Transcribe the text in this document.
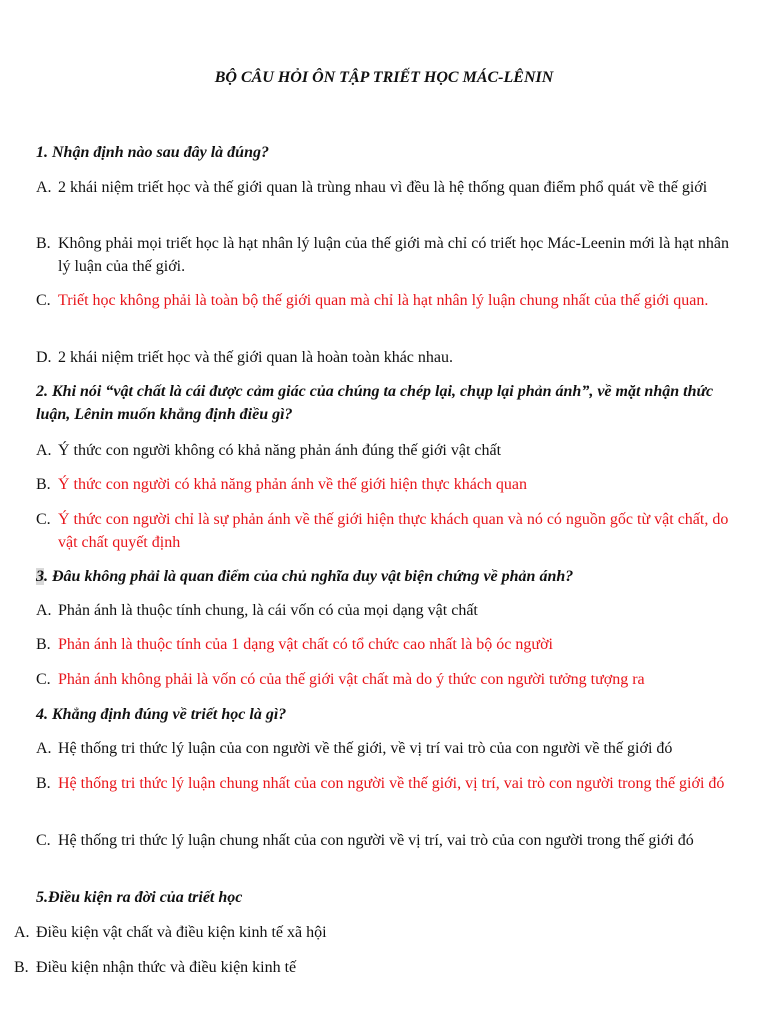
BỘ CÂU HỎI ÔN TẬP TRIẾT HỌC MÁC-LÊNIN
1. Nhận định nào sau đây là đúng?
A. 2 khái niệm triết học và thế giới quan là trùng nhau vì đều là hệ thống quan điểm phổ quát về thế giới
B. Không phải mọi triết học là hạt nhân lý luận của thế giới mà chỉ có triết học Mác-Leenin mới là hạt nhân lý luận của thế giới.
C. Triết học không phải là toàn bộ thế giới quan mà chỉ là hạt nhân lý luận chung nhất của thế giới quan.
D. 2 khái niệm triết học và thế giới quan là hoàn toàn khác nhau.
2. Khi nói “vật chất là cái được cảm giác của chúng ta chép lại, chụp lại phản ánh”, về mặt nhận thức luận, Lênin muốn khẳng định điều gì?
A. Ý thức con người không có khả năng phản ánh đúng thế giới vật chất
B. Ý thức con người có khả năng phản ánh về thế giới hiện thực khách quan
C. Ý thức con người chỉ là sự phản ánh về thế giới hiện thực khách quan và nó có nguồn gốc từ vật chất, do vật chất quyết định
3. Đâu không phải là quan điểm của chủ nghĩa duy vật biện chứng về phản ánh?
A. Phản ánh là thuộc tính chung, là cái vốn có của mọi dạng vật chất
B. Phản ánh là thuộc tính của 1 dạng vật chất có tổ chức cao nhất là bộ óc người
C. Phản ánh không phải là vốn có của thế giới vật chất mà do ý thức con người tưởng tượng ra
4. Khẳng định đúng về triết học là gì?
A. Hệ thống tri thức lý luận của con người về thế giới, về vị trí vai trò của con người về thế giới đó
B. Hệ thống tri thức lý luận chung nhất của con người về thế giới, vị trí, vai trò con người trong thế giới đó
C. Hệ thống tri thức lý luận chung nhất của con người về vị trí, vai trò của con người trong thế giới đó
5.Điều kiện ra đời của triết học
A. Điều kiện vật chất và điều kiện kinh tế xã hội
B. Điều kiện nhận thức và điều kiện kinh tế
